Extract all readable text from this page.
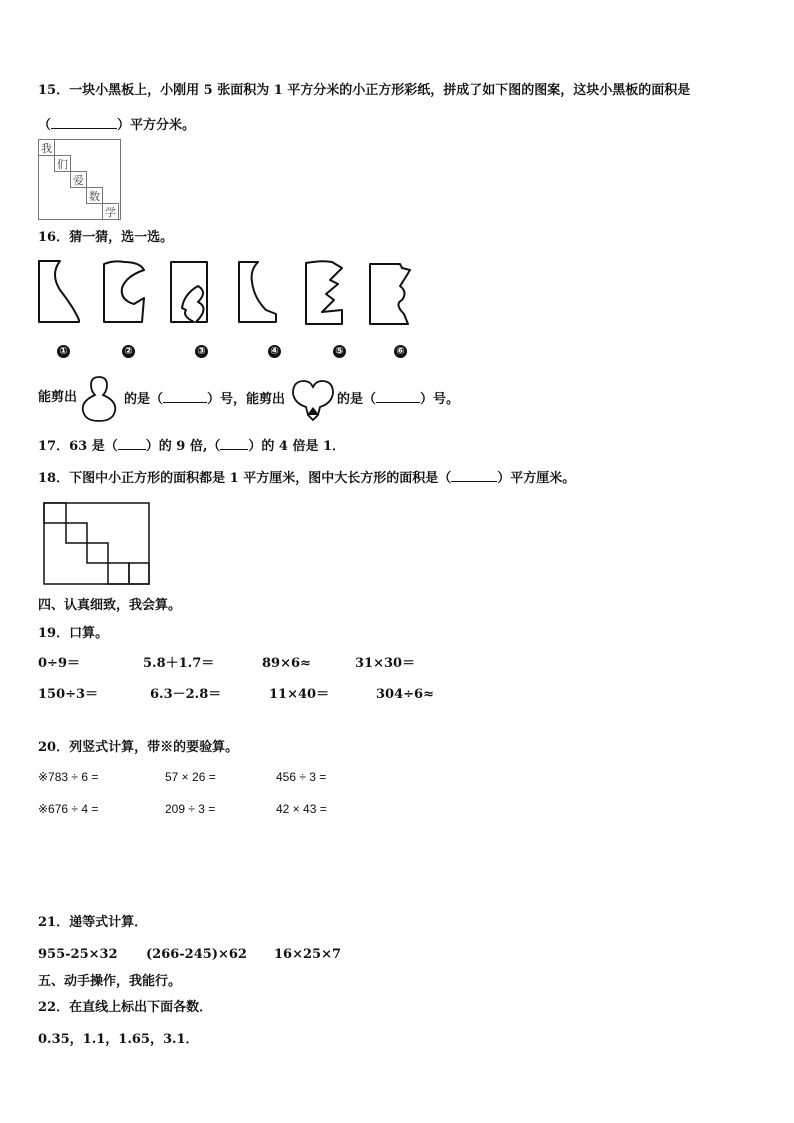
15．一块小黑板上，小刚用 5 张面积为 1 平方分米的小正方形彩纸，拼成了如下图的图案，这块小黑板的面积是
（	）平方分米。
我
们
爱
数
学
16．猜一猜，选一选。
①	②	③	④	⑤	⑥
能剪出	的是（	）号，能剪出	的是（	）号。
17．63 是（ ）的 9 倍,（ ）的 4 倍是 1．
18．下图中小正方形的面积都是 1 平方厘米，图中大长方形的面积是（	）平方厘米。
四、认真细致，我会算。
19．口算。
0÷9＝	5.8＋1.7＝	89×6≈	31×30＝
150÷3＝	6.3－2.8＝	11×40＝	304÷6≈
20．列竖式计算，带※的要验算。
※783 ÷ 6 =	57 × 26 =	456 ÷ 3 =
※676 ÷ 4 =	209 ÷ 3 =	42 × 43 =
21．递等式计算．
955-25×32 (266-245)×62 16×25×7
五、动手操作，我能行。
22．在直线上标出下面各数．
0.35，1.1，1.65，3.1．
